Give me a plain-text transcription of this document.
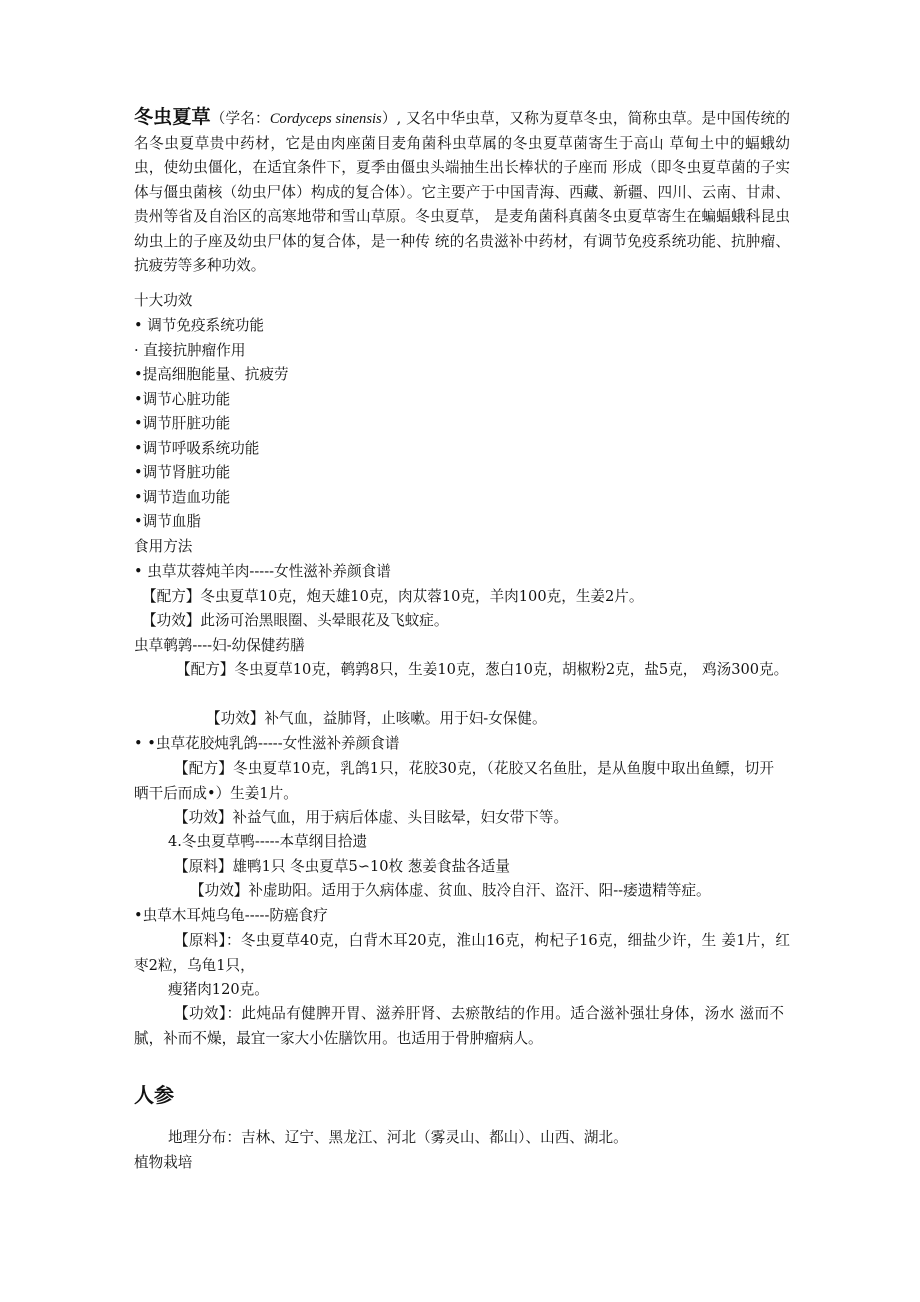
冬虫夏草（学名：Cordyceps sinensis）, 又名中华虫草，又称为夏草冬虫，简称虫草。是中国传统的名冬虫夏草贵中药材，它是由肉座菌目麦角菌科虫草属的冬虫夏草菌寄生于高山 草甸土中的蝠蛾幼虫，使幼虫僵化，在适宜条件下，夏季由僵虫头端抽生出长棒状的子座而 形成（即冬虫夏草菌的子实体与僵虫菌核（幼虫尸体）构成的复合体）。它主要产于中国青海、西藏、新疆、四川、云南、甘肃、贵州等省及自治区的高寒地带和雪山草原。冬虫夏草， 是麦角菌科真菌冬虫夏草寄生在蝙蝠蛾科昆虫幼虫上的子座及幼虫尸体的复合体，是一种传 统的名贵滋补中药材，有调节免疫系统功能、抗肿瘤、抗疲劳等多种功效。

十大功效
• 调节免疫系统功能
· 直接抗肿瘤作用
•提高细胞能量、抗疲劳
•调节心脏功能
•调节肝脏功能
•调节呼吸系统功能
•调节肾脏功能
•调节造血功能
•调节血脂
食用方法
• 虫草苁蓉炖羊肉-----女性滋补养颜食谱
【配方】冬虫夏草10克，炮天雄10克，肉苁蓉10克，羊肉100克，生姜2片。
【功效】此汤可治黑眼圈、头晕眼花及飞蚊症。
虫草鹌鹑----妇-幼保健药膳

【配方】冬虫夏草10克，鹌鹑8只，生姜10克，葱白10克，胡椒粉2克，盐5克， 鸡汤300克。

【功效】补气血，益肺肾，止咳嗽。用于妇-女保健。
• •虫草花胶炖乳鸽-----女性滋补养颜食谱

【配方】冬虫夏草10克，乳鸽1只，花胶30克，（花胶又名鱼肚，是从鱼腹中取出鱼鳔，切开晒干后而成•）生姜1片。

【功效】补益气血，用于病后体虚、头目眩晕，妇女带下等。
4.冬虫夏草鸭-----本草纲目拾遗
【原料】雄鸭1只 冬虫夏草5∽10枚 葱姜食盐各适量
【功效】补虚助阳。适用于久病体虚、贫血、肢冷自汗、盗汗、阳--痿遗精等症。
•虫草木耳炖乌龟-----防癌食疗

【原料】：冬虫夏草40克，白背木耳20克，淮山16克，枸杞子16克，细盐少许，生 姜1片，红枣2粒，乌龟1只，

瘦猪肉120克。

【功效】：此炖品有健脾开胃、滋养肝肾、去瘀散结的作用。适合滋补强壮身体，汤水 滋而不腻，补而不燥，最宜一家大小佐膳饮用。也适用于骨肿瘤病人。

人参
地理分布：吉林、辽宁、黑龙江、河北（雾灵山、都山）、山西、湖北。
植物栽培
